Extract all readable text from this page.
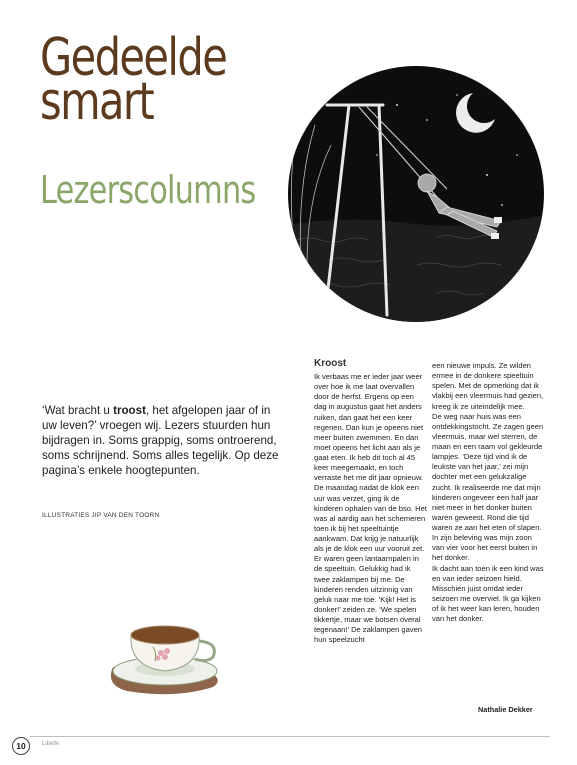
Gedeelde
smart
Lezerscolumns
‘Wat bracht u troost, het afgelopen jaar of in uw leven?’ vroegen wij. Lezers stuurden hun bijdragen in. Soms grappig, soms ontroerend, soms schrijnend. Soms alles tegelijk. Op deze pagina’s enkele hoogtepunten.
ILLUSTRATIES JIP VAN DEN TOORN
Kroost

Ik verbaas me er ieder jaar weer over hoe ik me laat overvallen door de herfst. Ergens op een dag in augustus gaat het anders ruiken, dan gaat het een keer regenen. Dan kun je opeens niet meer buiten zwemmen. En dan moet opeens het licht aan als je gaat eten. Ik heb dit toch al 45 keer meegemaakt, en toch verraste het me dit jaar opnieuw.

De maandag nadat de klok een uur was verzet, ging ik de kinderen ophalen van de bso. Het was al aardig aan het schemeren toen ik bij het speeltuintje aankwam. Dat krijg je natuurlijk als je de klok een uur vooruit zet.

Er waren geen lantaarnpalen in de speeltuin. Gelukkig had ik twee zaklampen bij me. De kinderen renden uitzinnig van geluk naar me toe. ‘Kijk! Het is donker!’ zeiden ze. ‘We spelen tikkertje, maar we botsen overal tegenaan!’ De zaklampen gaven hun speelzucht

een nieuwe impuls. Ze wilden ermee in de donkere speeltuin spelen. Met de opmerking dat ik vlakbij een vleermuis had gezien, kreeg ik ze uiteindelijk mee.

De weg naar huis was een ontdekkingstocht. Ze zagen geen vleermuis, maar wel sterren, de maan en een raam vol gekleurde lampjes. ‘Deze tijd vind ik de leukste van het jaar,’ zei mijn dochter met een gelukzalige zucht. Ik realiseerde me dat mijn kinderen ongeveer een half jaar niet meer in het donker buiten waren geweest. Rond die tijd waren ze aan het eten of slapen. In zijn beleving was mijn zoon van vier voor het eerst buiten in het donker.

Ik dacht aan toen ik een kind was en van ieder seizoen hield. Misschien juist omdat ieder seizoen me overviel. Ik ga kijken of ik het weer kan leren, houden van het donker.

Nathalie Dekker
10	Libelle
